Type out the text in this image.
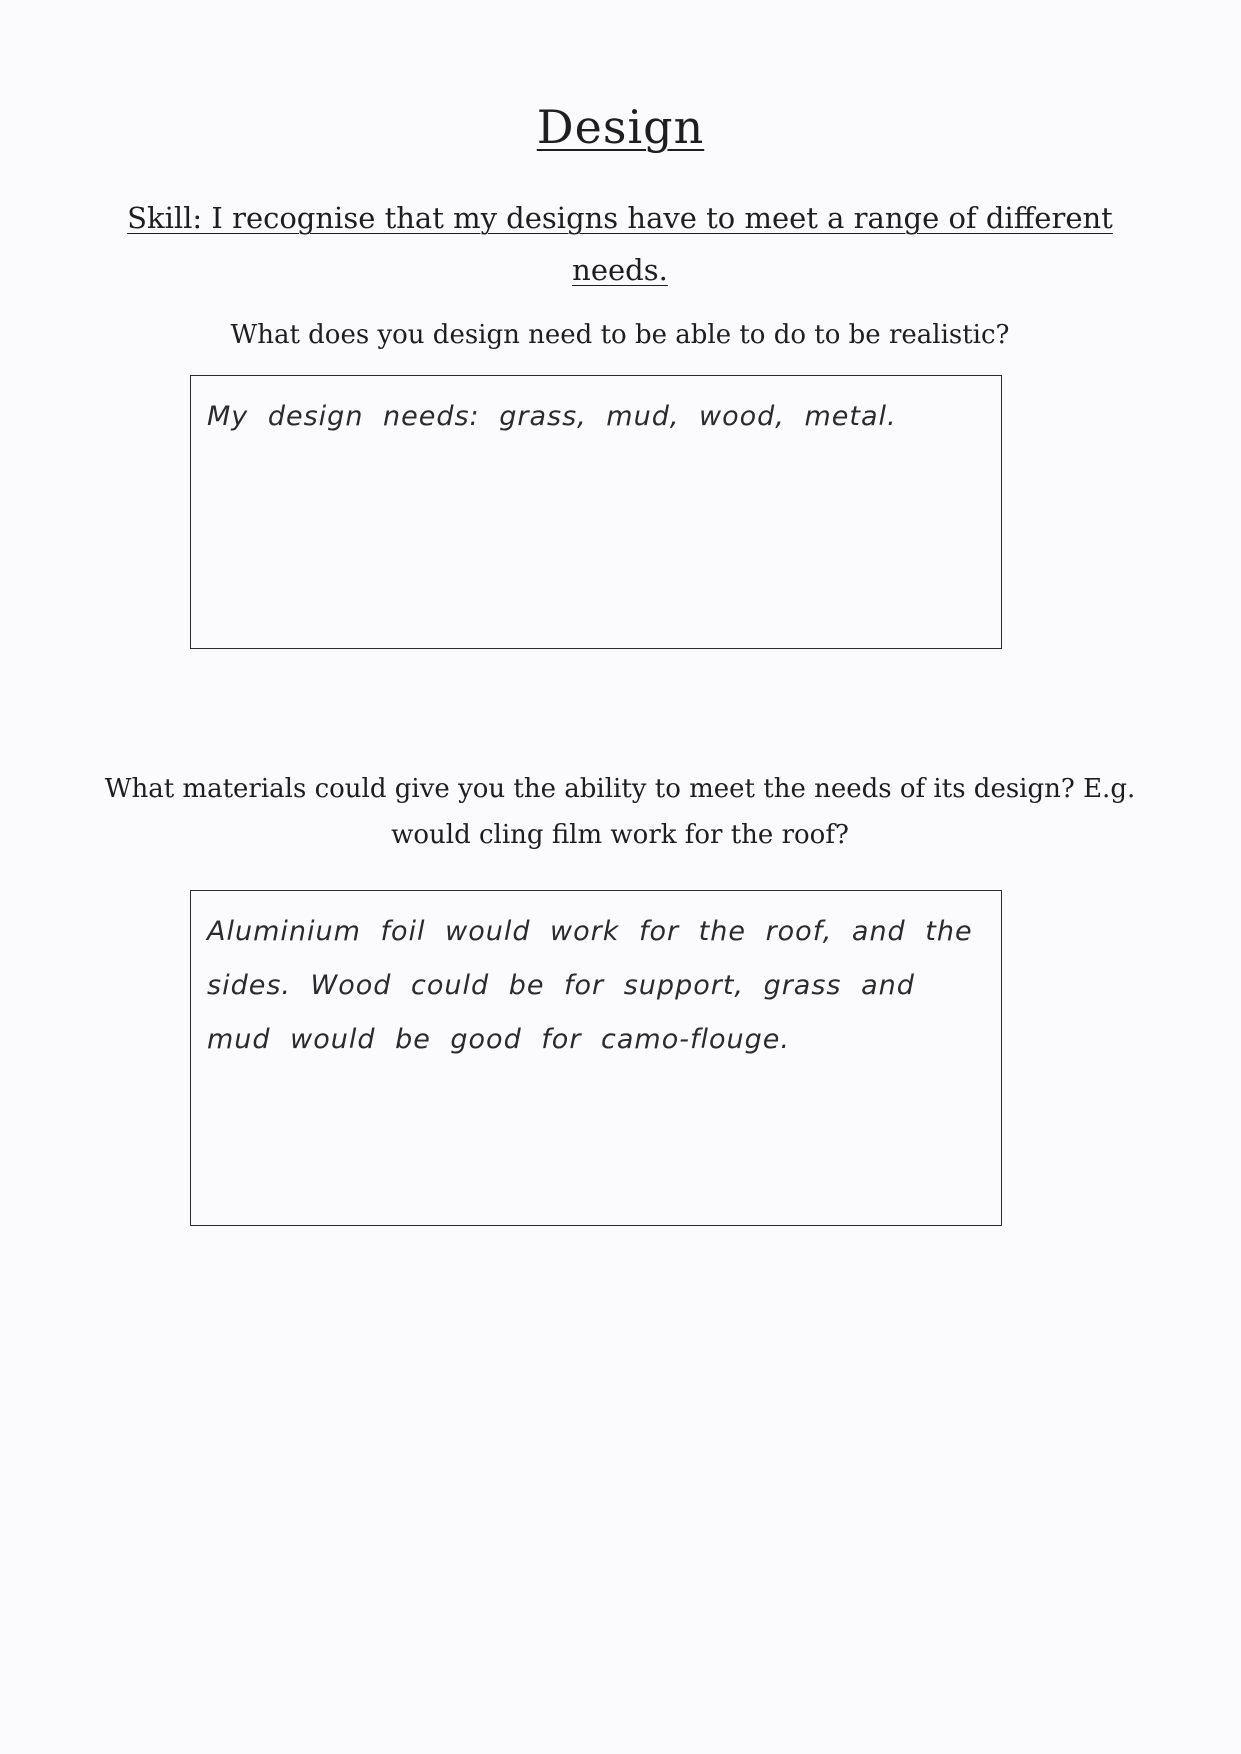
Design
Skill: I recognise that my designs have to meet a range of different needs.
What does you design need to be able to do to be realistic?
My design needs: grass, mud, wood, metal.
What materials could give you the ability to meet the needs of its design? E.g. would cling film work for the roof?
Aluminium foil would work for the roof, and the sides. Wood could be for support, grass and mud would be good for camo-flouge.
